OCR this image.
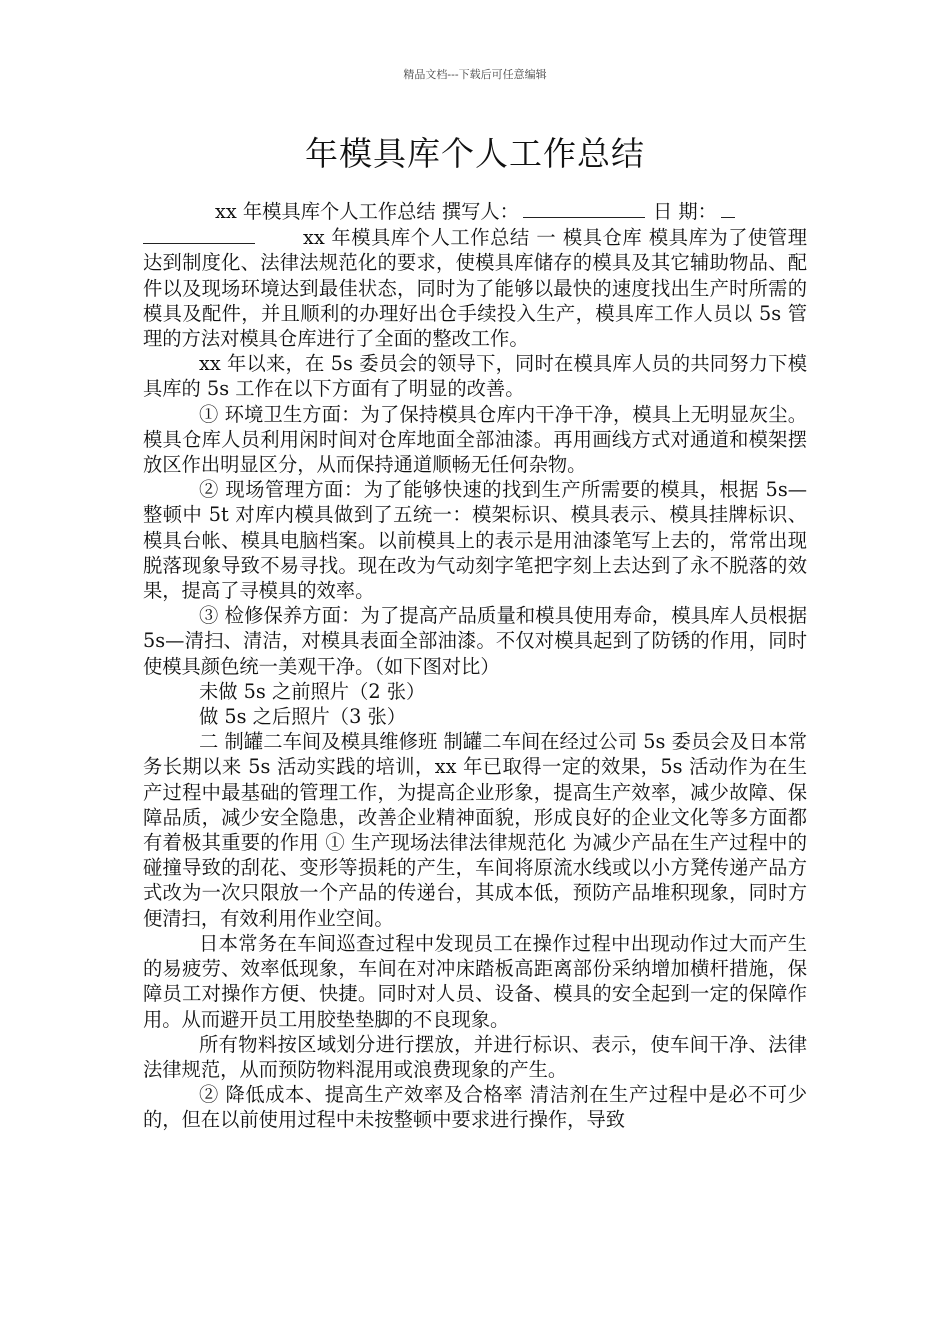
精品文档---下载后可任意编辑
年模具库个人工作总结
xx 年模具库个人工作总结 撰写人：	日 期：

xx 年模具库个人工作总结 一 模具仓库 模具库为了使管理达到制度化、法律法规范化的要求，使模具库储存的模具及其它辅助物品、配件以及现场环境达到最佳状态，同时为了能够以最快的速度找出生产时所需的模具及配件，并且顺利的办理好出仓手续投入生产，模具库工作人员以 5s 管理的方法对模具仓库进行了全面的整改工作。

xx 年以来，在 5s 委员会的领导下，同时在模具库人员的共同努力下模具库的 5s 工作在以下方面有了明显的改善。

① 环境卫生方面：为了保持模具仓库内干净干净，模具上无明显灰尘。模具仓库人员利用闲时间对仓库地面全部油漆。再用画线方式对通道和模架摆放区作出明显区分，从而保持通道顺畅无任何杂物。

② 现场管理方面：为了能够快速的找到生产所需要的模具，根据 5s—整顿中 5t 对库内模具做到了五统一：模架标识、模具表示、模具挂牌标识、模具台帐、模具电脑档案。以前模具上的表示是用油漆笔写上去的，常常出现脱落现象导致不易寻找。现在改为气动刻字笔把字刻上去达到了永不脱落的效果，提高了寻模具的效率。

③ 检修保养方面：为了提高产品质量和模具使用寿命，模具库人员根据 5s—清扫、清洁，对模具表面全部油漆。不仅对模具起到了防锈的作用，同时使模具颜色统一美观干净。（如下图对比）

未做 5s 之前照片（2 张）

做 5s 之后照片（3 张）

二 制罐二车间及模具维修班 制罐二车间在经过公司 5s 委员会及日本常务长期以来 5s 活动实践的培训，xx 年已取得一定的效果，5s 活动作为在生产过程中最基础的管理工作，为提高企业形象，提高生产效率，减少故障、保障品质，减少安全隐患，改善企业精神面貌，形成良好的企业文化等多方面都有着极其重要的作用 ① 生产现场法律法律规范化 为减少产品在生产过程中的碰撞导致的刮花、变形等损耗的产生，车间将原流水线或以小方凳传递产品方式改为一次只限放一个产品的传递台，其成本低，预防产品堆积现象，同时方便清扫，有效利用作业空间。

日本常务在车间巡查过程中发现员工在操作过程中出现动作过大而产生的易疲劳、效率低现象，车间在对冲床踏板高距离部份采纳增加横杆措施，保障员工对操作方便、快捷。同时对人员、设备、模具的安全起到一定的保障作用。从而避开员工用胶垫垫脚的不良现象。

所有物料按区域划分进行摆放，并进行标识、表示，使车间干净、法律法律规范，从而预防物料混用或浪费现象的产生。

② 降低成本、提高生产效率及合格率 清洁剂在生产过程中是必不可少的，但在以前使用过程中未按整顿中要求进行操作，导致
